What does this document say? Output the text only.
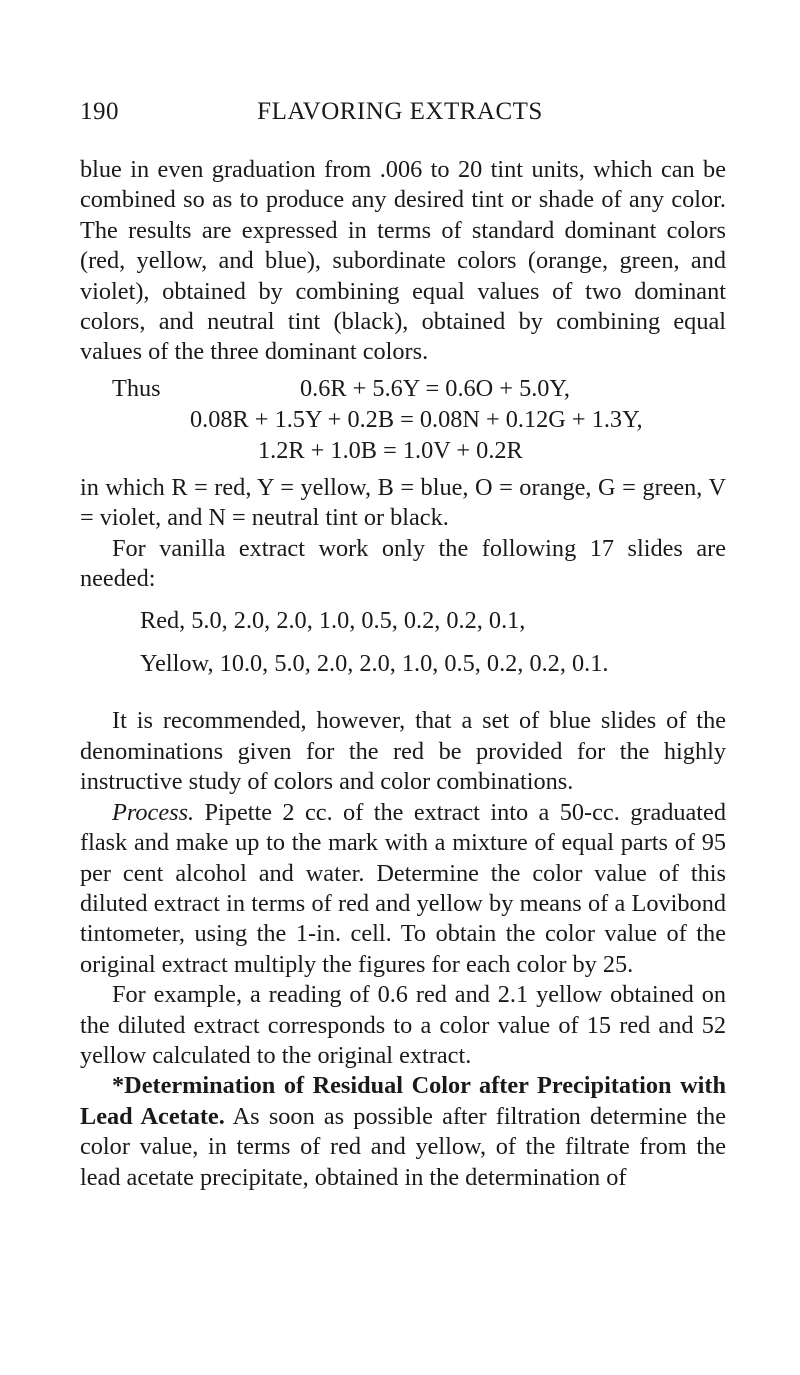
190	FLAVORING EXTRACTS

blue in even graduation from .006 to 20 tint units, which can be combined so as to produce any desired tint or shade of any color. The results are expressed in terms of standard dominant colors (red, yellow, and blue), subordinate colors (orange, green, and violet), obtained by combining equal values of two dominant colors, and neutral tint (black), obtained by combining equal values of the three dominant colors.

Thus	0.6R + 5.6Y = 0.6O + 5.0Y,
0.08R + 1.5Y + 0.2B = 0.08N + 0.12G + 1.3Y,
1.2R + 1.0B = 1.0V + 0.2R

in which R = red, Y = yellow, B = blue, O = orange, G = green, V = violet, and N = neutral tint or black.

For vanilla extract work only the following 17 slides are needed:

Red, 5.0, 2.0, 2.0, 1.0, 0.5, 0.2, 0.2, 0.1,
Yellow, 10.0, 5.0, 2.0, 2.0, 1.0, 0.5, 0.2, 0.2, 0.1.

It is recommended, however, that a set of blue slides of the denominations given for the red be provided for the highly instructive study of colors and color combinations.

Process. Pipette 2 cc. of the extract into a 50-cc. graduated flask and make up to the mark with a mixture of equal parts of 95 per cent alcohol and water. Determine the color value of this diluted extract in terms of red and yellow by means of a Lovibond tintometer, using the 1-in. cell. To obtain the color value of the original extract multiply the figures for each color by 25.

For example, a reading of 0.6 red and 2.1 yellow obtained on the diluted extract corresponds to a color value of 15 red and 52 yellow calculated to the original extract.

*Determination of Residual Color after Precipitation with Lead Acetate. As soon as possible after filtration determine the color value, in terms of red and yellow, of the filtrate from the lead acetate precipitate, obtained in the determination of
